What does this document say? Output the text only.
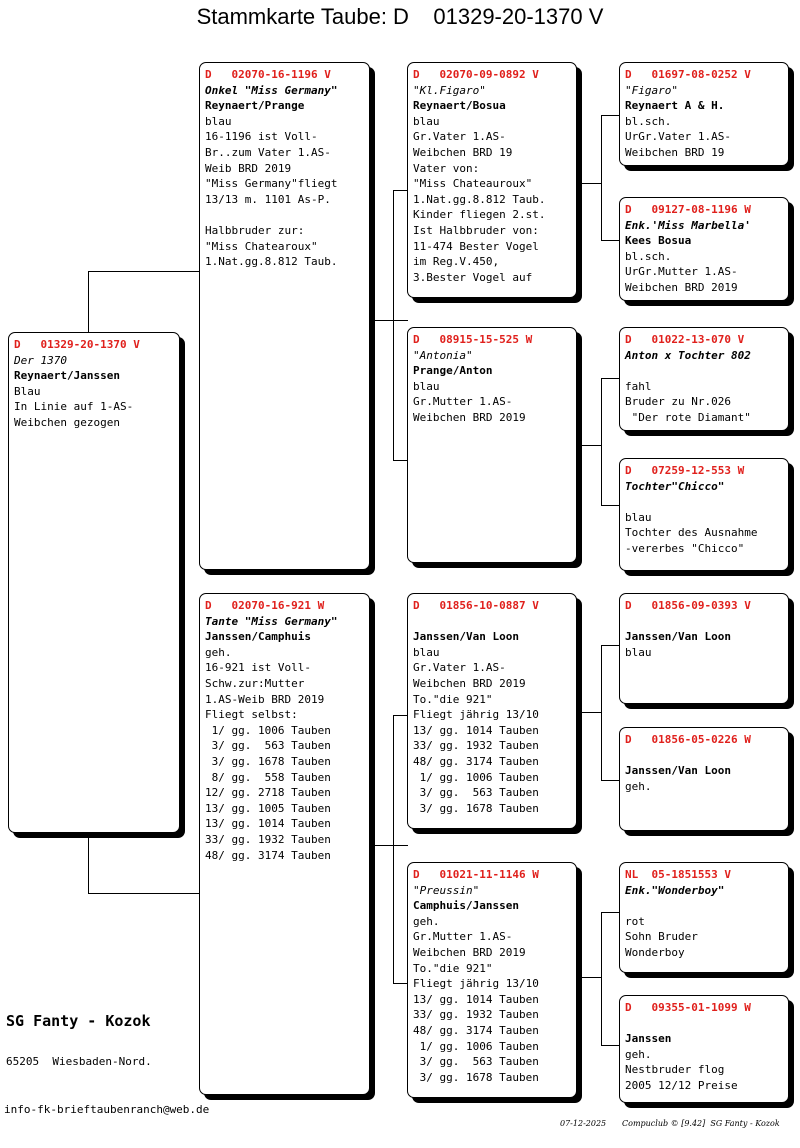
Stammkarte Taube: D    01329-20-1370 V
D   01329-20-1370 V
Der 1370
Reynaert/Janssen
Blau
In Linie auf 1-AS-
Weibchen gezogen
D   02070-16-1196 V
Onkel "Miss Germany"
Reynaert/Prange
blau
16-1196 ist Voll-
Br..zum Vater 1.AS-
Weib BRD 2019
"Miss Germany"fliegt
13/13 m. 1101 As-P.
Halbbruder zur:
"Miss Chatearoux"
1.Nat.gg.8.812 Taub.
D   02070-16-921 W
Tante "Miss Germany"
Janssen/Camphuis
geh.
16-921 ist Voll-
Schw.zur:Mutter
1.AS-Weib BRD 2019
Fliegt selbst:
1/ gg. 1006 Tauben
3/ gg.  563 Tauben
3/ gg. 1678 Tauben
8/ gg.  558 Tauben
12/ gg. 2718 Tauben
13/ gg. 1005 Tauben
13/ gg. 1014 Tauben
33/ gg. 1932 Tauben
48/ gg. 3174 Tauben
D   02070-09-0892 V
"Kl.Figaro"
Reynaert/Bosua
blau
Gr.Vater 1.AS-
Weibchen BRD 19
Vater von:
"Miss Chateauroux"
1.Nat.gg.8.812 Taub.
Kinder fliegen 2.st.
Ist Halbbruder von:
11-474 Bester Vogel
im Reg.V.450,
3.Bester Vogel auf
D   08915-15-525 W
"Antonia"
Prange/Anton
blau
Gr.Mutter 1.AS-
Weibchen BRD 2019
D   01856-10-0887 V
Janssen/Van Loon
blau
Gr.Vater 1.AS-
Weibchen BRD 2019
To."die 921"
Fliegt jährig 13/10
13/ gg. 1014 Tauben
33/ gg. 1932 Tauben
48/ gg. 3174 Tauben
1/ gg. 1006 Tauben
3/ gg.  563 Tauben
3/ gg. 1678 Tauben
D   01021-11-1146 W
"Preussin"
Camphuis/Janssen
geh.
Gr.Mutter 1.AS-
Weibchen BRD 2019
To."die 921"
Fliegt jährig 13/10
13/ gg. 1014 Tauben
33/ gg. 1932 Tauben
48/ gg. 3174 Tauben
1/ gg. 1006 Tauben
3/ gg.  563 Tauben
3/ gg. 1678 Tauben
D   01697-08-0252 V
"Figaro"
Reynaert A & H.
bl.sch.
UrGr.Vater 1.AS-
Weibchen BRD 19
D   09127-08-1196 W
Enk.'Miss Marbella'
Kees Bosua
bl.sch.
UrGr.Mutter 1.AS-
Weibchen BRD 2019
D   01022-13-070 V
Anton x Tochter 802
fahl
Bruder zu Nr.026
"Der rote Diamant"
D   07259-12-553 W
Tochter"Chicco"
blau
Tochter des Ausnahme
-vererbes "Chicco"
D   01856-09-0393 V
Janssen/Van Loon
blau
D   01856-05-0226 W
Janssen/Van Loon
geh.
NL  05-1851553 V
Enk."Wonderboy"
rot
Sohn Bruder
Wonderboy
D   09355-01-1099 W
Janssen
geh.
Nestbruder flog
2005 12/12 Preise
SG Fanty - Kozok
65205  Wiesbaden-Nord.
info-fk-brieftaubenranch@web.de
07-12-2025 Compuclub © [9.42]  SG Fanty - Kozok
